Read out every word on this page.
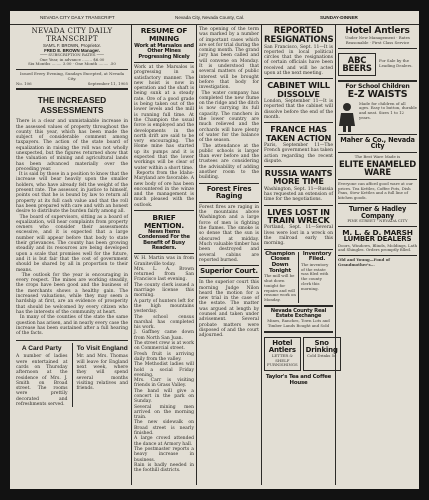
NEVADA CITY DAILY TRANSCRIPT	Nevada City, Nevada County, Cal.	SUNDAY-DINNER
NEVADA CITY DAILY TRANSCRIPT
SAM'L F. BROWN, Proprietor.
FRED E. BROWN Manager.
─── SUBSCRIPTION RATES ───
One Year, in advance ........ $6.00
Six Months ........ 3.00 · One Month ........ .50
Issued Every Evening, Sundays Excepted, at Nevada City.
No. 106	September 11, 1905
THE INCREASED ASSESSMENTS
There is a clear and unmistakable increase in the assessed values of property throughout the county this year, which has been made the subject of considerable comment among taxpayers. The action of the state board of equalization in raising the roll was not wholly unexpected, but the figures returned show that the valuation of mining and agricultural lands has been advanced materially over the preceding year.
It is said by those in a position to know that the increase will bear heavily upon the smaller holders, who have already felt the weight of the present rate. The assessor, in justice to himself, points out that he is bound by law to return all property at its full cash value and that the roll has been prepared with care and with an honest desire to distribute the burden fairly among all.
The board of supervisors, sitting as a board of equalization, will hear complaints from property owners who consider their assessments excessive, and it is expected that a large number will appear before that body to state their grievances. The county has been growing steadily and its resources are being developed upon a scale that promises well for the future, and it is but fair that the cost of government should be shared by all in proportion to their means.
The outlook for the year is encouraging in every respect. The mines are working steadily, the crops have been good and the business of the merchants shows a healthy gain. The increased valuations, while they may seem a hardship at first, are an evidence of prosperity that should be welcomed by every citizen who has the interests of the community at heart.
In many of the counties of the state the same question has arisen, and in nearly every case the increase has been sustained after a full hearing of the facts.
A Card Party
A number of ladies were entertained at cards on Thursday afternoon at the residence of Mrs. J. Smith on Broad street. The rooms were prettily decorated and refreshments served.
To Visit England
Mr. and Mrs. Thomas will leave for England next week, where they will spend several months visiting relatives and friends.
RESUME OF MINING
Work at Marsalos and Other Mines Progressing Nicely
Work at the Marsalos is progressing in a satisfactory manner. The new hoist is now in operation and the shaft is being sunk at a steady rate. Ore of a good grade is being taken out of the lower levels and the mill is running full time. At the Champion the usual force is employed and the developments in the north drift are said to be very encouraging. The Home mine has started up its pumps and it is expected that the lower workings will be clear of water within a short time.
Reports from the Idaho-Maryland are favorable. A new body of ore has been encountered in the winze and the management is much pleased with the outlook.
BRIEF MENTION.
News Items Condensed For the Benefit of Busy Readers.
W. H. Martin was in from Graniteville today.
Mrs. L. A. Brown returned from San Francisco last evening.
The county clerk issued a marriage license this morning.
A party of hunters left for the high mountains yesterday.
The school census marshal has completed his work.
J. Gaffney came down from North San Juan.
The street crew is at work on Commercial street.
Fresh fruit is arriving daily from the valley.
The Methodist ladies will hold a social Friday evening.
Mrs. Carr is visiting friends in Grass Valley.
The band will give a concert in the park on Sunday.
Several mining men arrived on the morning train.
The new sidewalk on Broad street is nearly finished.
A large crowd attended the dance at Armory hall.
The postmaster reports a heavy increase in business.
Rain is badly needed in the foothill districts.
The opening of the term was marked by a number of important cases which are set for trial during the coming month. The grand jury has been called and will convene on Monday. It is understood that several matters of public interest will be brought before that body for investigation.
The water company has completed the new flume on the ridge and the ditch is now carrying its full capacity. The ranchers in the lower country are much relieved and the orchards will have plenty of water for the balance of the season.
The attendance at the public schools is larger than ever before and the trustees are considering the advisability of adding another room to the building.
Forest Fires Raging
Forest fires are raging in the mountains above Washington and a large force of men is fighting the flames. The smoke is so dense that the sun is obscured at midday. Much valuable timber has been destroyed and several cabins are reported burned.
Superior Court.
In the superior court this morning Judge Nilon heard the motion for a new trial in the case of the estate. The matter was argued at length by counsel and taken under advisement. Several probate matters were disposed of and the court adjourned.
REPORTED RESIGNATIONS
San Francisco, Sept. 11—It is reported in local political circles that the resignations of certain officials have been received and will be acted upon at the next meeting.
CABINET WILL DISSOLVE
London, September 11—It is reported that the cabinet will dissolve before the end of the month.
FRANCE HAS TAKEN ACTION
Paris, September 11—The French government has taken action regarding the recent dispute.
RUSSIA WANTS MORE TIME
Washington, Sept. 11—Russia has requested an extension of time for the negotiations.
LIVES LOST IN TRAIN WRECK
Portland, Sept. 11—Several lives were lost in a wreck on the railroad early this morning.
Champion Closes Down Tonight
The mill will be shut down tonight for repairs and will resume work on Monday.
Inventory Filed.
The inventory of the estate was filed with the county clerk this morning.
Nevada County Real Estate Exchange
Mines, Ranches, Town Lots and Timber Lands Bought and Sold
Hotel Antlers
LETTER & SHELF FURNISHINGS
Sno Drinking
Cold Drinks 5c
Taylor's Tea and Coffee House
Hotel Antlers
Under New Management · Rates Reasonable · First Class Service
ABC BEERS
For Sale by the Leading Dealers.
For School Children
E-Z WAISTS
Made for children of all ages. Easy to button, durable and neat. Sizes 1 to 12 years.
Maher & Co., Nevada City
The Best Ware Made is
ELITE ENAMELED WARE
Everyone can afford good ware at our prices. Tea Kettles, Coffee Pots, Dish Pans, Stew Kettles and a full line of kitchen goods.
Turner & Hadley Company
PINE STREET · NEVADA CITY
M. L. & D. MARSH
LUMBER DEALERS
Doors, Windows, Blinds, Moldings, Lath and Shingles. Orders promptly filled.
Old and Young—Fond of Grandmother's...
